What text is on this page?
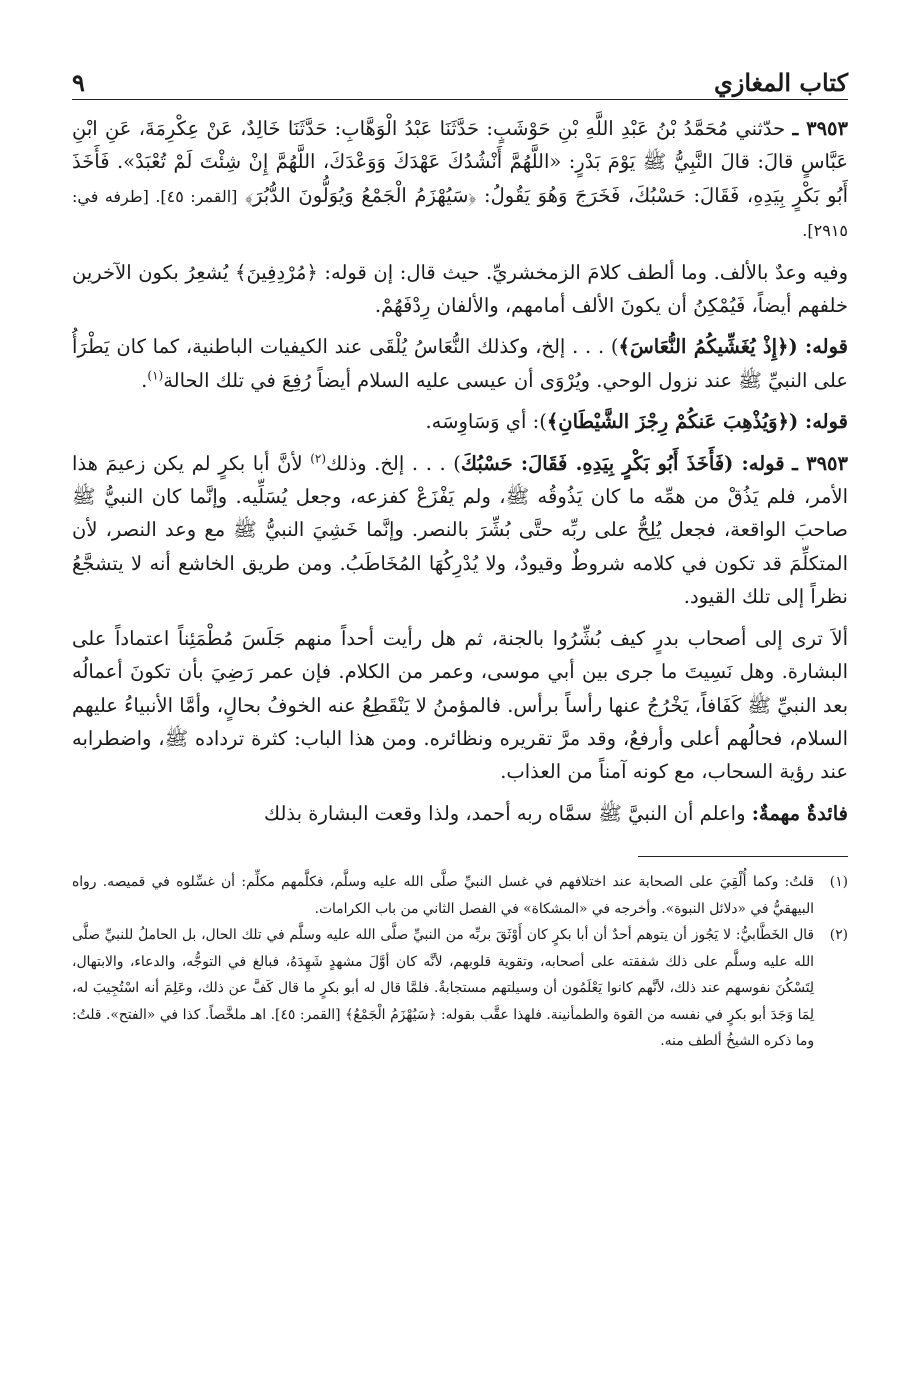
كتاب المغازي
٩

٣٩٥٣ ـ حدّثني مُحَمَّدُ بْنُ عَبْدِ اللَّهِ بْنِ حَوْشَبٍ: حَدَّثَنَا عَبْدُ الْوَهَّابِ: حَدَّثَنَا خَالِدٌ، عَنْ عِكْرِمَةَ، عَنِ ابْنِ عَبَّاسٍ قالَ: قالَ النَّبِيُّ ﷺ يَوْمَ بَدْرٍ: «اللَّهُمَّ أَنْشُدُكَ عَهْدَكَ وَوَعْدَكَ، اللَّهُمَّ إِنْ شِئْتَ لَمْ تُعْبَدْ». فَأَخَذَ أَبُو بَكْرٍ بِيَدِهِ، فَقَالَ: حَسْبُكَ، فَخَرَجَ وَهُوَ يَقُولُ: ﴿سَيُهْزَمُ الْجَمْعُ وَيُوَلُّونَ الدُّبُرَ﴾ [القمر: ٤٥]. [طرفه في: ٢٩١٥].

وفيه وعدٌ بالألف. وما ألطف كلامَ الزمخشريِّ. حيث قال: إن قوله: ﴿مُرْدِفِينَ﴾ يُشعِرُ بكون الآخرين خلفهم أيضاً، فَيُمْكِنُ أن يكونَ الألف أمامهم، والألفان رِدْفَهُمْ.

قوله: (﴿إِذْ يُغَشِّيكُمُ النُّعَاسَ﴾) . . . إلخ، وكذلك النُّعَاسُ يُلْقَى عند الكيفيات الباطنية، كما كان يَطْرَأُ على النبيِّ ﷺ عند نزول الوحي. ويُرْوَى أن عيسى عليه السلام أيضاً رُفِعَ في تلك الحالة$^{(١)}$.

قوله: (﴿وَيُذْهِبَ عَنكُمْ رِجْزَ الشَّيْطَانِ﴾): أي وَسَاوِسَه.

٣٩٥٣ ـ قوله: (فَأَخَذَ أَبُو بَكْرٍ بِيَدِهِ. فَقَالَ: حَسْبُكَ) . . . إلخ. وذلك$^{(٢)}$ لأنَّ أبا بكرٍ لم يكن زعيمَ هذا الأمر، فلم يَذُقْ من همِّه ما كان يَذُوقُه ﷺ، ولم يَفْزَعْ كفزعه، وجعل يُسَلِّيه. وإنَّما كان النبيُّ ﷺ صاحبَ الواقعة، فجعل يُلِحُّ على ربِّه حتَّى بُشِّرَ بالنصر. وإنَّما خَشِيَ النبيُّ ﷺ مع وعد النصر، لأن المتكلِّمَ قد تكون في كلامه شروطٌ وقيودٌ، ولا يُدْرِكُهَا المُخَاطَبُ. ومن طريق الخاشع أنه لا يتشجَّعُ نظراً إلى تلك القيود.

ألاَ ترى إلى أصحاب بدرٍ كيف بُشِّرُوا بالجنة، ثم هل رأيت أحداً منهم جَلَسَ مُطْمَئِناً اعتماداً على البشارة. وهل نَسِيتَ ما جرى بين أبي موسى، وعمر من الكلام. فإن عمر رَضِيَ بأن تكونَ أعمالُه بعد النبيِّ ﷺ كَفَافاً، يَخْرُجُ عنها رأساً برأس. فالمؤمنُ لا يَنْقَطِعُ عنه الخوفُ بحالٍ، وأمَّا الأنبياءُ عليهم السلام، فحالُهم أعلى وأرفعُ، وقد مرَّ تقريره ونظائره. ومن هذا الباب: كثرة ترداده ﷺ، واضطرابه عند رؤية السحاب، مع كونه آمناً من العذاب.

فائدةٌ مهمةٌ: واعلم أن النبيَّ ﷺ سمَّاه ربه أحمد، ولذا وقعت البشارة بذلك

(١)
قلتُ: وكما أُلْقِيَ على الصحابة عند اختلافهم في غسل النبيِّ صلَّى الله عليه وسلَّم، فكلَّمهم مكلِّم: أن غسِّلوه في قميصه. رواه البيهقيُّ في «دلائل النبوة». وأخرجه في «المشكاة» في الفصل الثاني من باب الكرامات.
(٢)
قال الخَطَّابيُّ: لا يَجُوز أن يتوهم أحدٌ أن أبا بكرٍ كان أَوْثَقَ بربِّه من النبيِّ صلَّى الله عليه وسلَّم في تلك الحال، بل الحاملُ للنبيِّ صلَّى الله عليه وسلَّم على ذلك شفقته على أصحابه، وتقوية قلوبهم، لأنَّه كان أوَّلَ مشهدٍ شَهِدَهُ، فبالغ في التوجُّه، والدعاء، والابتهال، لِتَسْكُنَ نفوسهم عند ذلك، لأنَّهم كانوا يَعْلَمُون أن وسيلتهم مستجابةٌ. فلمَّا قال له أبو بكرٍ ما قال كَفَّ عن ذلك، وعَلِمَ أنه اسْتُجِيبَ له، لِمَا وَجَدَ أبو بكرٍ في نفسه من القوة والطمأنينة. فلهذا عقَّب بقوله: ﴿سَيُهْزَمُ الْجَمْعُ﴾ [القمر: ٤٥]. اهـ ملخَّصاً. كذا في «الفتح». قلتُ: وما ذكره الشيخُ ألطف منه.
